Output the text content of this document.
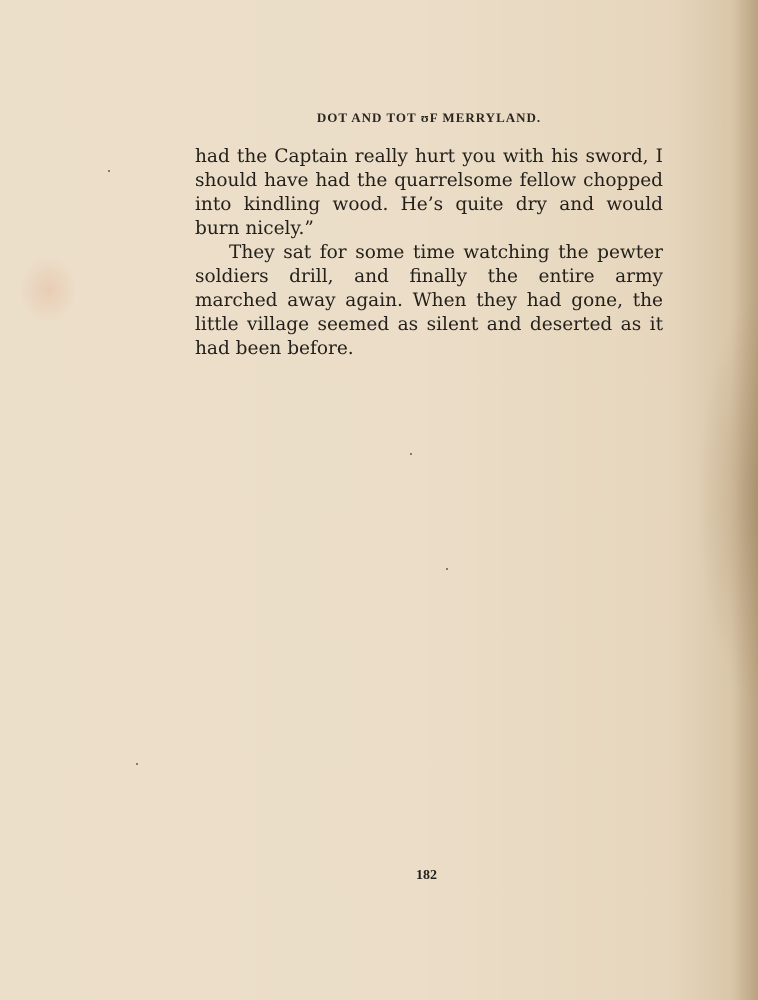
DOT AND TOT ʊF MERRYLAND.

had the Captain really hurt you with his sword, I should have had the quarrelsome fellow chopped into kindling wood. He’s quite dry and would burn nicely.”

They sat for some time watching the pewter soldiers drill, and finally the entire army marched away again. When they had gone, the little village seemed as silent and deserted as it had been before.

182
